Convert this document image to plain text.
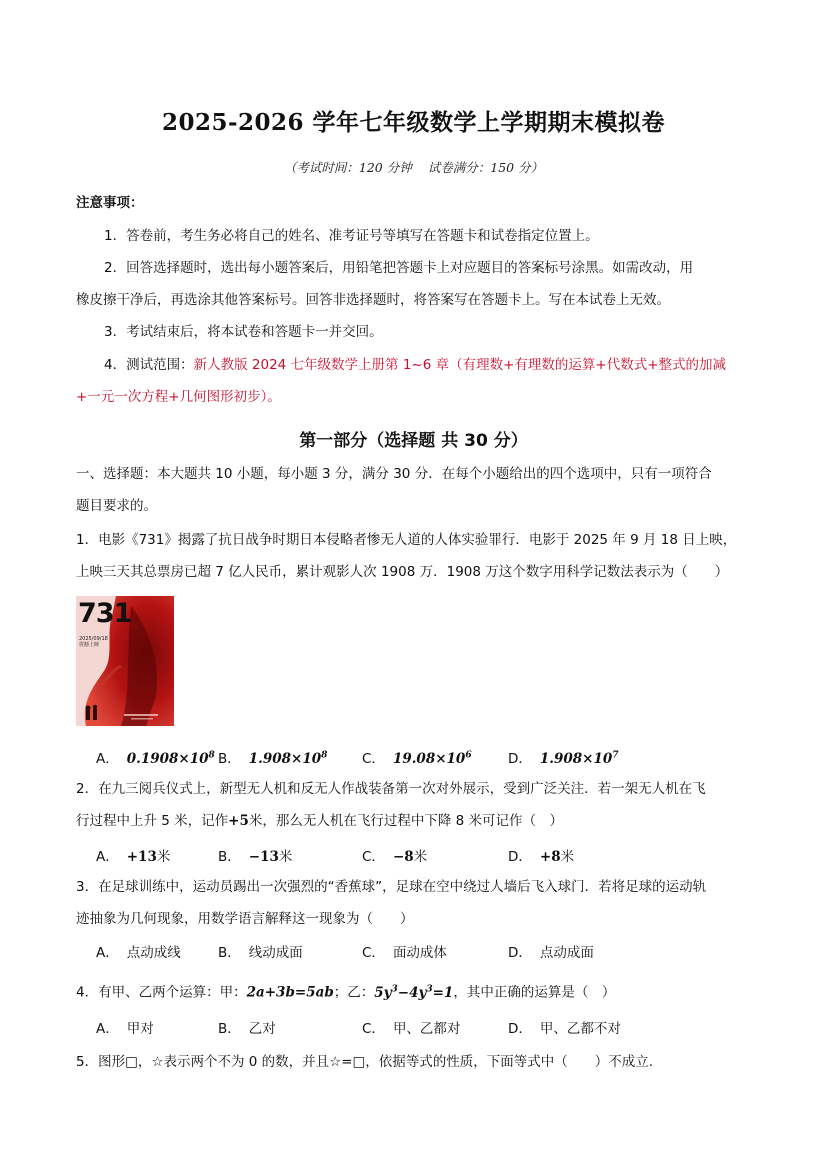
2025-2026 学年七年级数学上学期期末模拟卷
（考试时间：120 分钟 试卷满分：150 分）
注意事项：
1．答卷前，考生务必将自己的姓名、准考证号等填写在答题卡和试卷指定位置上。
2．回答选择题时，选出每小题答案后，用铅笔把答题卡上对应题目的答案标号涂黑。如需改动，用
橡皮擦干净后，再选涂其他答案标号。回答非选择题时，将答案写在答题卡上。写在本试卷上无效。
3．考试结束后，将本试卷和答题卡一并交回。
4．测试范围：新人教版 2024 七年级数学上册第 1~6 章（有理数+有理数的运算+代数式+整式的加减
+一元一次方程+几何图形初步）。
第一部分（选择题 共 30 分）
一、选择题：本大题共 10 小题，每小题 3 分，满分 30 分．在每个小题给出的四个选项中，只有一项符合
题目要求的。
1．电影《731》揭露了抗日战争时期日本侵略者惨无人道的人体实验罪行．电影于 2025 年 9 月 18 日上映，
上映三天其总票房已超 7 亿人民币，累计观影人次 1908 万．1908 万这个数字用科学记数法表示为（　　）
731
2025/09/18
震撼上映
A． $0.1908\times 10^8$ B． $1.908\times 10^8$	C． $19.08\times 10^6$	D． $1.908\times 10^7$
2．在九三阅兵仪式上，新型无人机和反无人作战装备第一次对外展示，受到广泛关注．若一架无人机在飞
行过程中上升 5 米，记作+5米，那么无人机在飞行过程中下降 8 米可记作（　）
A． +13米	B． −13米	C． −8米	D． +8米
3．在足球训练中，运动员踢出一次强烈的“香蕉球”，足球在空中绕过人墙后飞入球门．若将足球的运动轨
迹抽象为几何现象，用数学语言解释这一现象为（　　）
A． 点动成线	B． 线动成面	C． 面动成体	D． 点动成面
4．有甲、乙两个运算：甲：2a+3b=5ab；乙：$5y^3-4y^3=1$，其中正确的运算是（　）
A． 甲对	B． 乙对	C． 甲、乙都对	D． 甲、乙都不对
5．图形□，☆表示两个不为 0 的数，并且☆=□，依据等式的性质，下面等式中（　　）不成立.
